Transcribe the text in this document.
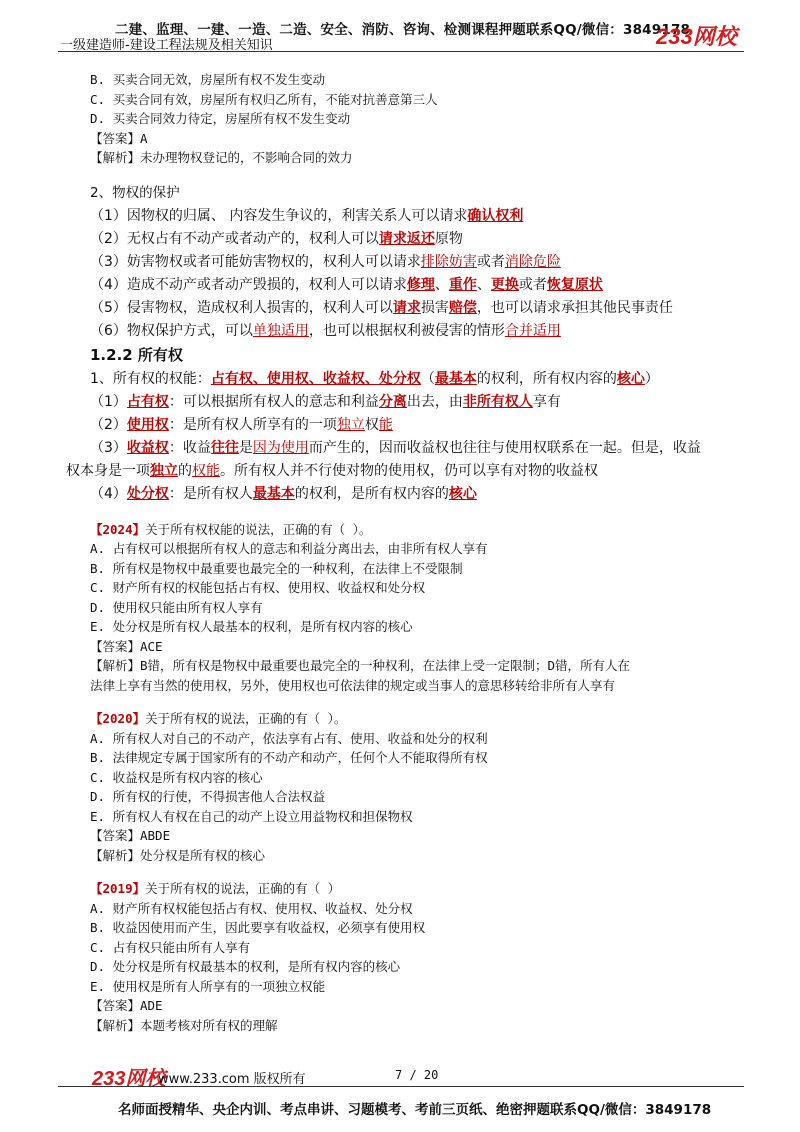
二建、监理、一建、一造、二造、安全、消防、咨询、检测课程押题联系QQ/微信：3849178
一级建造师-建设工程法规及相关知识	233网校
B. 买卖合同无效，房屋所有权不发生变动
C. 买卖合同有效，房屋所有权归乙所有，不能对抗善意第三人
D. 买卖合同效力待定，房屋所有权不发生变动
【答案】A
【解析】未办理物权登记的，不影响合同的效力
2、物权的保护
（1）因物权的归属、 内容发生争议的，利害关系人可以请求确认权利
（2）无权占有不动产或者动产的，权利人可以请求返还原物
（3）妨害物权或者可能妨害物权的，权利人可以请求排除妨害或者消除危险
（4）造成不动产或者动产毁损的，权利人可以请求修理、重作、更换或者恢复原状
（5）侵害物权，造成权利人损害的，权利人可以请求损害赔偿，也可以请求承担其他民事责任
（6）物权保护方式，可以单独适用，也可以根据权利被侵害的情形合并适用
1.2.2 所有权
1、所有权的权能：占有权、使用权、收益权、处分权（最基本的权利，所有权内容的核心）
（1）占有权：可以根据所有权人的意志和利益分离出去，由非所有权人享有
（2）使用权：是所有权人所享有的一项独立权能
（3）收益权：收益往往是因为使用而产生的，因而收益权也往往与使用权联系在一起。但是，收益
权本身是一项独立的权能。所有权人并不行使对物的使用权，仍可以享有对物的收益权
（4）处分权：是所有权人最基本的权利，是所有权内容的核心
【2024】关于所有权权能的说法，正确的有（ ）。
A. 占有权可以根据所有权人的意志和利益分离出去，由非所有权人享有
B. 所有权是物权中最重要也最完全的一种权利，在法律上不受限制
C. 财产所有权的权能包括占有权、使用权、收益权和处分权
D. 使用权只能由所有权人享有
E. 处分权是所有权人最基本的权利，是所有权内容的核心
【答案】ACE
【解析】B错，所有权是物权中最重要也最完全的一种权利，在法律上受一定限制；D错，所有人在
法律上享有当然的使用权，另外，使用权也可依法律的规定或当事人的意思移转给非所有人享有
【2020】关于所有权的说法，正确的有（ ）。
A. 所有权人对自己的不动产，依法享有占有、使用、收益和处分的权利
B. 法律规定专属于国家所有的不动产和动产，任何个人不能取得所有权
C. 收益权是所有权内容的核心
D. 所有权的行使，不得损害他人合法权益
E. 所有权人有权在自己的动产上设立用益物权和担保物权
【答案】ABDE
【解析】处分权是所有权的核心
【2019】关于所有权的说法，正确的有（ ）
A. 财产所有权权能包括占有权、使用权、收益权、处分权
B. 收益因使用而产生，因此要享有收益权，必须享有使用权
C. 占有权只能由所有人享有
D. 处分权是所有权最基本的权利，是所有权内容的核心
E. 使用权是所有人所享有的一项独立权能
【答案】ADE
【解析】本题考核对所有权的理解
233网校
www.233.com 版权所有	7 / 20
名师面授精华、央企内训、考点串讲、习题模考、考前三页纸、绝密押题联系QQ/微信：3849178
